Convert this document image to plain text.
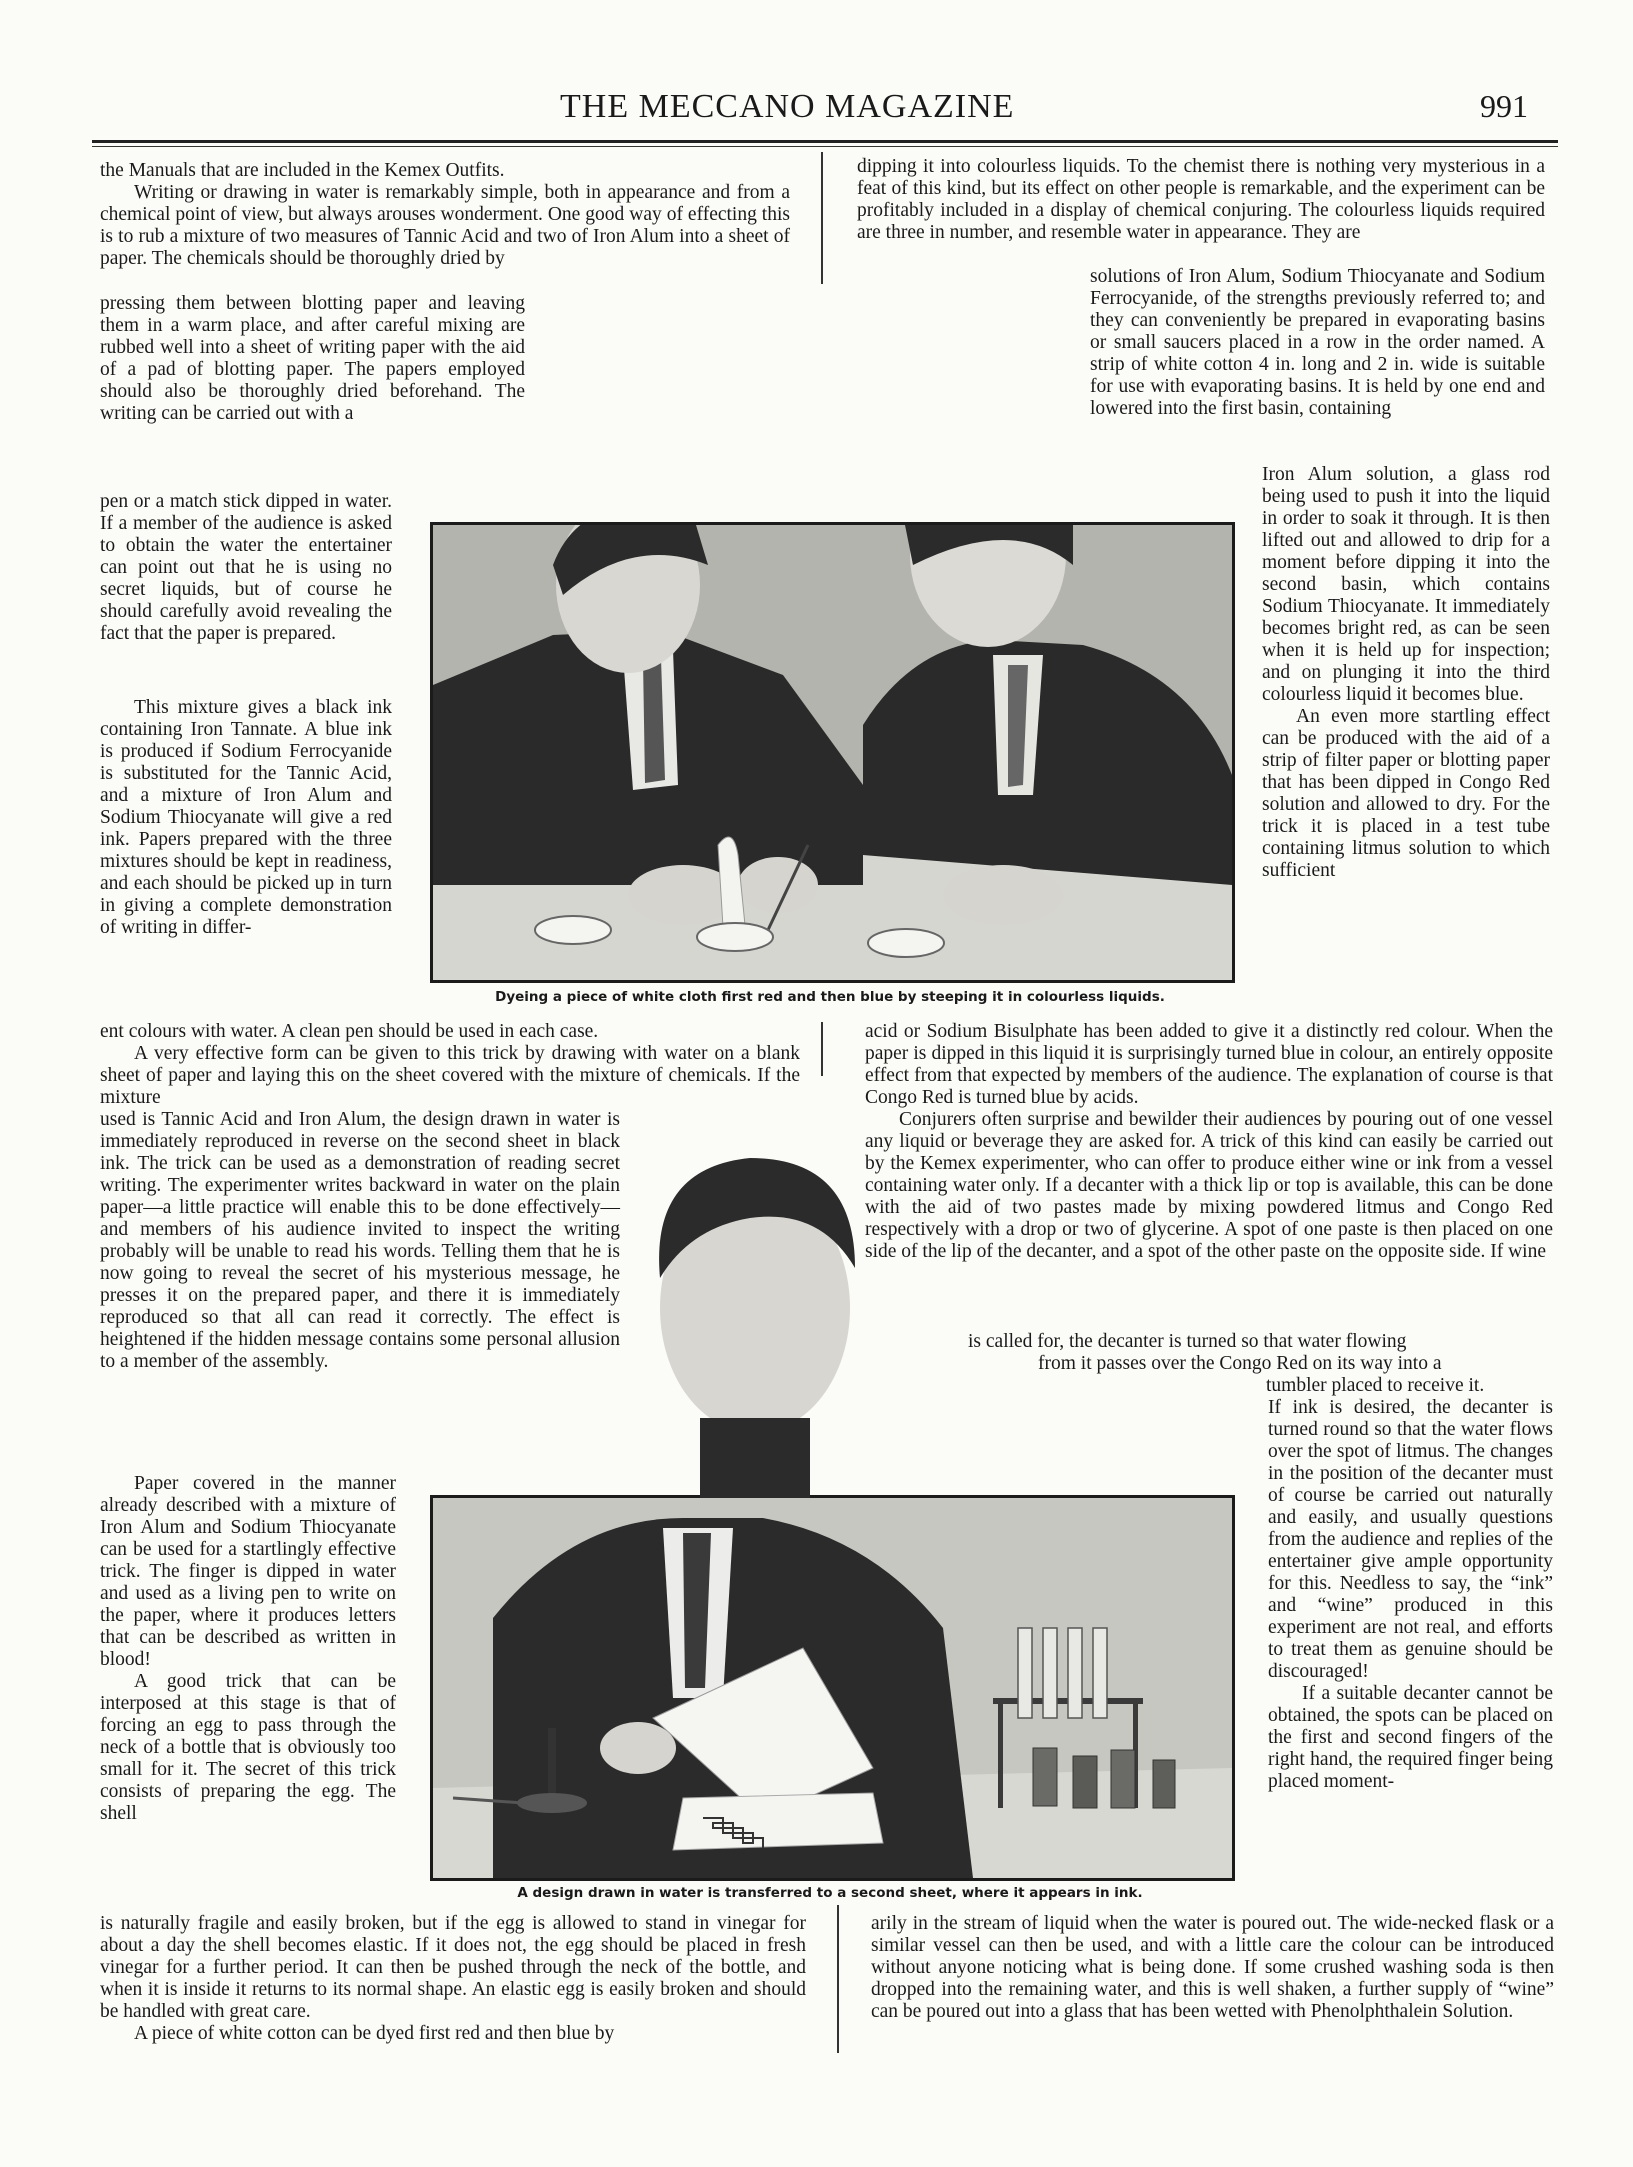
THE MECCANO MAGAZINE	991

the Manuals that are included in the Kemex Outfits.

Writing or drawing in water is remarkably simple, both in appearance and from a chemical point of view, but always arouses wonderment. One good way of effecting this is to rub a mixture of two measures of Tannic Acid and two of Iron Alum into a sheet of paper. The chemicals should be thoroughly dried by

pressing them between blotting paper and leaving them in a warm place, and after careful mixing are rubbed well into a sheet of writing paper with the aid of a pad of blotting paper. The papers employed should also be thoroughly dried beforehand. The writing can be carried out with a

pen or a match stick dipped in water. If a member of the audience is asked to obtain the water the entertainer can point out that he is using no secret liquids, but of course he should carefully avoid revealing the fact that the paper is prepared.

This mixture gives a black ink containing Iron Tannate. A blue ink is produced if Sodium Ferrocyanide is substituted for the Tannic Acid, and a mixture of Iron Alum and Sodium Thiocyanate will give a red ink. Papers prepared with the three mixtures should be kept in readiness, and each should be picked up in turn in giving a complete demonstration of writing in differ-

ent colours with water. A clean pen should be used in each case.

A very effective form can be given to this trick by drawing with water on a blank sheet of paper and laying this on the sheet covered with the mixture of chemicals. If the mixture

used is Tannic Acid and Iron Alum, the design drawn in water is immediately reproduced in reverse on the second sheet in black ink. The trick can be used as a demonstration of reading secret writing. The experimenter writes backward in water on the plain paper—a little practice will enable this to be done effectively—and members of his audience invited to inspect the writing probably will be unable to read his words. Telling them that he is now going to reveal the secret of his mysterious message, he presses it on the prepared paper, and there it is immediately reproduced so that all can read it correctly. The effect is heightened if the hidden message contains some personal allusion to a member of the assembly.

Paper covered in the manner already described with a mixture of Iron Alum and Sodium Thiocyanate can be used for a startlingly effective trick. The finger is dipped in water and used as a living pen to write on the paper, where it produces letters that can be described as written in blood!

A good trick that can be interposed at this stage is that of forcing an egg to pass through the neck of a bottle that is obviously too small for it. The secret of this trick consists of preparing the egg. The shell

is naturally fragile and easily broken, but if the egg is allowed to stand in vinegar for about a day the shell becomes elastic. If it does not, the egg should be placed in fresh vinegar for a further period. It can then be pushed through the neck of the bottle, and when it is inside it returns to its normal shape. An elastic egg is easily broken and should be handled with great care.

A piece of white cotton can be dyed first red and then blue by

dipping it into colourless liquids. To the chemist there is nothing very mysterious in a feat of this kind, but its effect on other people is remarkable, and the experiment can be profitably included in a display of chemical conjuring. The colourless liquids required are three in number, and resemble water in appearance. They are

solutions of Iron Alum, Sodium Thiocyanate and Sodium Ferrocyanide, of the strengths previously referred to; and they can conveniently be prepared in evaporating basins or small saucers placed in a row in the order named. A strip of white cotton 4 in. long and 2 in. wide is suitable for use with evaporating basins. It is held by one end and lowered into the first basin, containing

Iron Alum solution, a glass rod being used to push it into the liquid in order to soak it through. It is then lifted out and allowed to drip for a moment before dipping it into the second basin, which contains Sodium Thiocyanate. It immediately becomes bright red, as can be seen when it is held up for inspection; and on plunging it into the third colourless liquid it becomes blue.

An even more startling effect can be produced with the aid of a strip of filter paper or blotting paper that has been dipped in Congo Red solution and allowed to dry. For the trick it is placed in a test tube containing litmus solution to which sufficient

acid or Sodium Bisulphate has been added to give it a distinctly red colour. When the paper is dipped in this liquid it is surprisingly turned blue in colour, an entirely opposite effect from that expected by members of the audience. The explanation of course is that Congo Red is turned blue by acids.

Conjurers often surprise and bewilder their audiences by pouring out of one vessel any liquid or beverage they are asked for. A trick of this kind can easily be carried out by the Kemex experimenter, who can offer to produce either wine or ink from a vessel containing water only. If a decanter with a thick lip or top is available, this can be done with the aid of two pastes made by mixing powdered litmus and Congo Red respectively with a drop or two of glycerine. A spot of one paste is then placed on one side of the lip of the decanter, and a spot of the other paste on the opposite side. If wine

is called for, the decanter is turned so that water flowing

from it passes over the Congo Red on its way into a

tumbler placed to receive it.

If ink is desired, the decanter is turned round so that the water flows over the spot of litmus. The changes in the position of the decanter must of course be carried out naturally and easily, and usually questions from the audience and replies of the entertainer give ample opportunity for this. Needless to say, the “ink” and “wine” produced in this experiment are not real, and efforts to treat them as genuine should be discouraged!

If a suitable decanter cannot be obtained, the spots can be placed on the first and second fingers of the right hand, the required finger being placed moment-

arily in the stream of liquid when the water is poured out. The wide-necked flask or a similar vessel can then be used, and with a little care the colour can be introduced without anyone noticing what is being done. If some crushed washing soda is then dropped into the remaining water, and this is well shaken, a further supply of “wine” can be poured out into a glass that has been wetted with Phenolphthalein Solution.

Dyeing a piece of white cloth first red and then blue by steeping it in colourless liquids.
A design drawn in water is transferred to a second sheet, where it appears in ink.
